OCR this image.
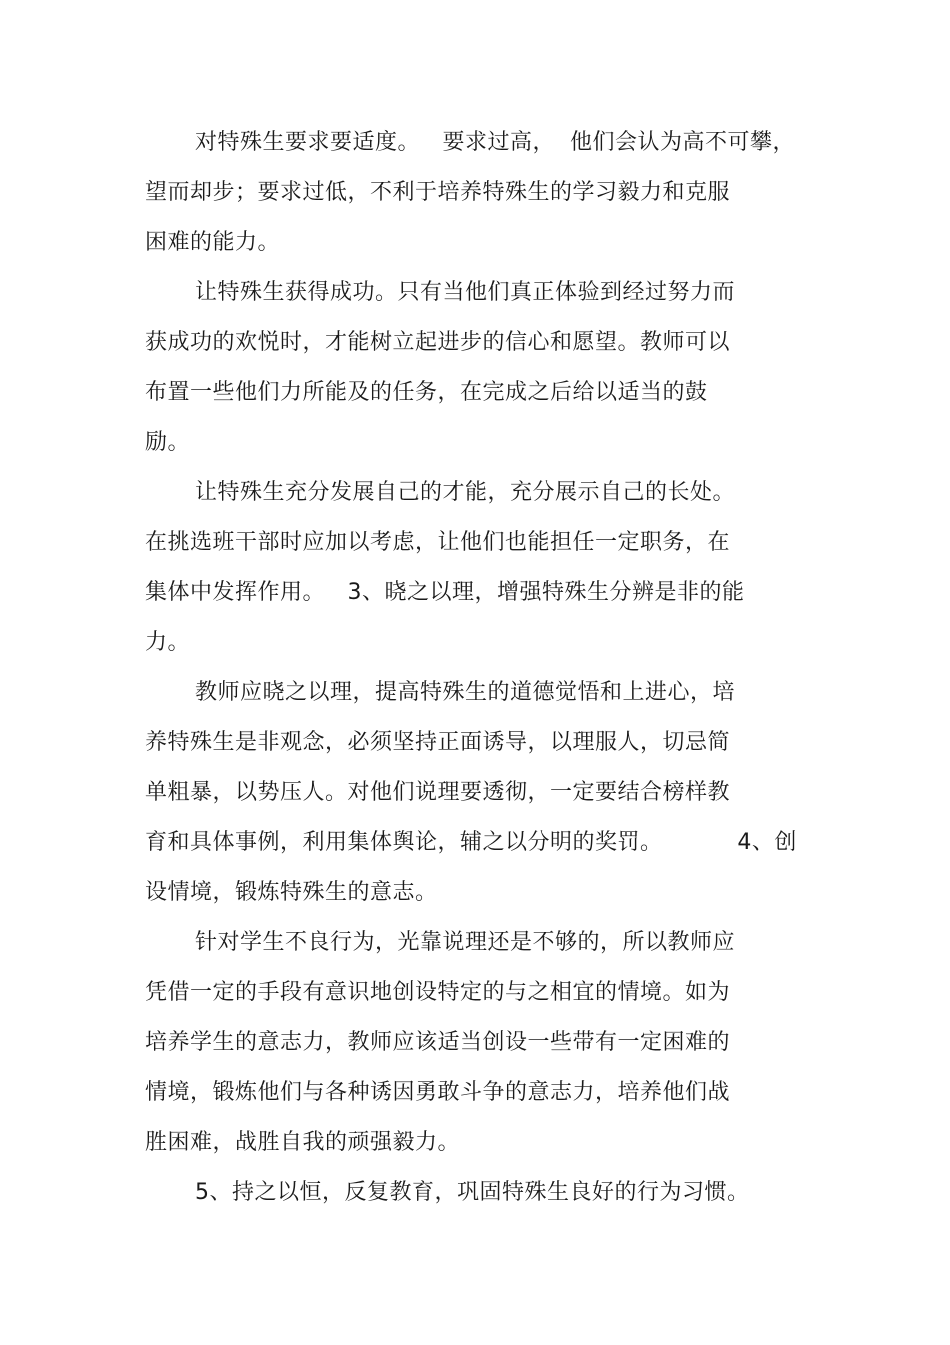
对特殊生要求要适度。   要求过高，  他们会认为高不可攀，
望而却步；要求过低，不利于培养特殊生的学习毅力和克服
困难的能力。
让特殊生获得成功。只有当他们真正体验到经过努力而
获成功的欢悦时，才能树立起进步的信心和愿望。教师可以
布置一些他们力所能及的任务，在完成之后给以适当的鼓
励。
让特殊生充分发展自己的才能，充分展示自己的长处。
在挑选班干部时应加以考虑，让他们也能担任一定职务，在
集体中发挥作用。   3、晓之以理，增强特殊生分辨是非的能
力。
教师应晓之以理，提高特殊生的道德觉悟和上进心，培
养特殊生是非观念，必须坚持正面诱导，以理服人，切忌简
单粗暴，以势压人。对他们说理要透彻，一定要结合榜样教
育和具体事例，利用集体舆论，辅之以分明的奖罚。          4、创
设情境，锻炼特殊生的意志。
针对学生不良行为，光靠说理还是不够的，所以教师应
凭借一定的手段有意识地创设特定的与之相宜的情境。如为
培养学生的意志力，教师应该适当创设一些带有一定困难的
情境，锻炼他们与各种诱因勇敢斗争的意志力，培养他们战
胜困难，战胜自我的顽强毅力。
5、持之以恒，反复教育，巩固特殊生良好的行为习惯。
